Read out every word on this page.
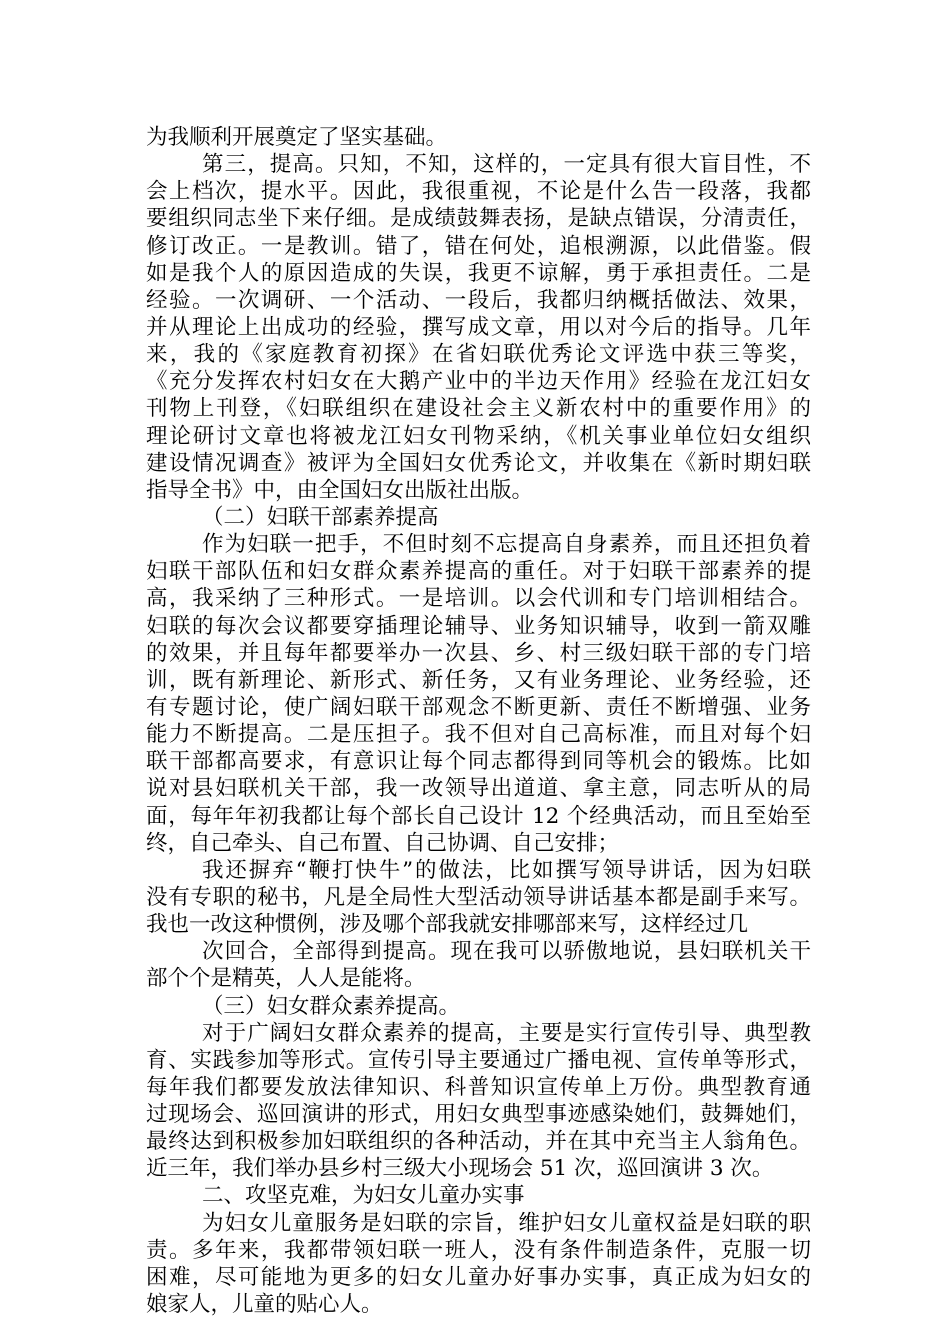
为我顺利开展奠定了坚实基础。
第三，提高。只知，不知，这样的，一定具有很大盲目性，不
会上档次，提水平。因此，我很重视，不论是什么告一段落，我都
要组织同志坐下来仔细。是成绩鼓舞表扬，是缺点错误，分清责任，
修订改正。一是教训。错了，错在何处，追根溯源，以此借鉴。假
如是我个人的原因造成的失误，我更不谅解，勇于承担责任。二是
经验。一次调研、一个活动、一段后，我都归纳概括做法、效果，
并从理论上出成功的经验，撰写成文章，用以对今后的指导。几年
来，我的《家庭教育初探》在省妇联优秀论文评选中获三等奖，
《充分发挥农村妇女在大鹅产业中的半边天作用》经验在龙江妇女
刊物上刊登，《妇联组织在建设社会主义新农村中的重要作用》的
理论研讨文章也将被龙江妇女刊物采纳，《机关事业单位妇女组织
建设情况调查》被评为全国妇女优秀论文，并收集在《新时期妇联
指导全书》中，由全国妇女出版社出版。
（二）妇联干部素养提高
作为妇联一把手，不但时刻不忘提高自身素养，而且还担负着
妇联干部队伍和妇女群众素养提高的重任。对于妇联干部素养的提
高，我采纳了三种形式。一是培训。以会代训和专门培训相结合。
妇联的每次会议都要穿插理论辅导、业务知识辅导，收到一箭双雕
的效果，并且每年都要举办一次县、乡、村三级妇联干部的专门培
训，既有新理论、新形式、新任务，又有业务理论、业务经验，还
有专题讨论，使广阔妇联干部观念不断更新、责任不断增强、业务
能力不断提高。二是压担子。我不但对自己高标准，而且对每个妇
联干部都高要求，有意识让每个同志都得到同等机会的锻炼。比如
说对县妇联机关干部，我一改领导出道道、拿主意，同志听从的局
面，每年年初我都让每个部长自己设计 12 个经典活动，而且至始至
终，自己牵头、自己布置、自己协调、自己安排；
我还摒弃“鞭打快牛”的做法，比如撰写领导讲话，因为妇联
没有专职的秘书，凡是全局性大型活动领导讲话基本都是副手来写。
我也一改这种惯例，涉及哪个部我就安排哪部来写，这样经过几
次回合，全部得到提高。现在我可以骄傲地说，县妇联机关干
部个个是精英，人人是能将。
（三）妇女群众素养提高。
对于广阔妇女群众素养的提高，主要是实行宣传引导、典型教
育、实践参加等形式。宣传引导主要通过广播电视、宣传单等形式，
每年我们都要发放法律知识、科普知识宣传单上万份。典型教育通
过现场会、巡回演讲的形式，用妇女典型事迹感染她们，鼓舞她们，
最终达到积极参加妇联组织的各种活动，并在其中充当主人翁角色。
近三年，我们举办县乡村三级大小现场会 51 次，巡回演讲 3 次。
二、攻坚克难，为妇女儿童办实事
为妇女儿童服务是妇联的宗旨，维护妇女儿童权益是妇联的职
责。多年来，我都带领妇联一班人，没有条件制造条件，克服一切
困难，尽可能地为更多的妇女儿童办好事办实事，真正成为妇女的
娘家人，儿童的贴心人。
